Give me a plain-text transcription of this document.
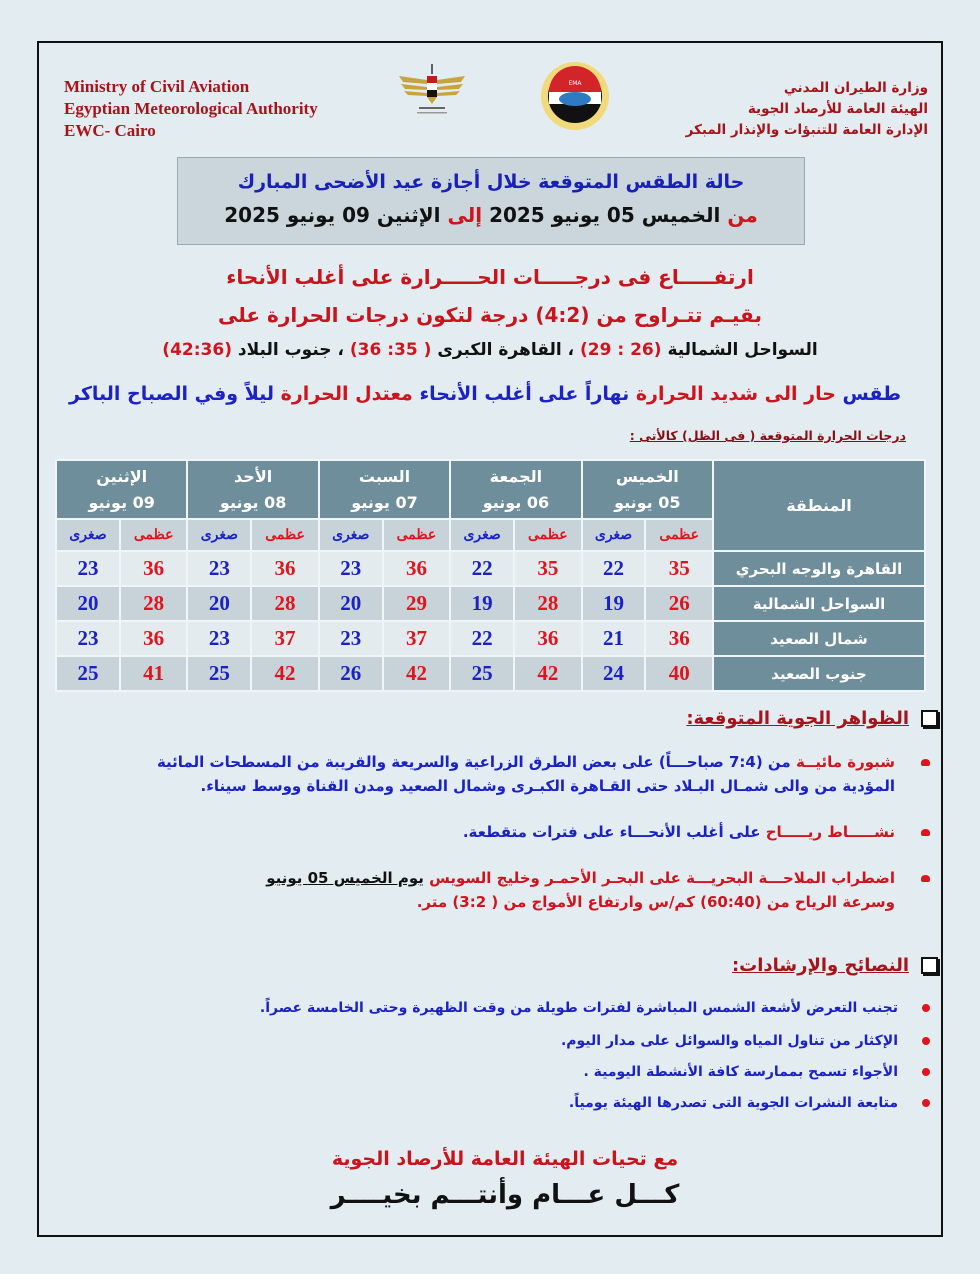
Ministry of Civil Aviation
Egyptian Meteorological Authority
EWC- Cairo
EMA	وزارة الطيران المدني
الهيئة العامة للأرصاد الجوية
الإدارة العامة للتنبؤات والإنذار المبكر
حالة الطقس المتوقعة خلال أجازة عيد الأضحى المبارك
من الخميس 05 يونيو 2025 إلى الإثنين 09 يونيو 2025
ارتفـــــاع فى درجـــــات الحـــــرارة على أغلب الأنحاء
بقيـم تتـراوح من (4:2) درجة لتكون درجات الحرارة على
السواحل الشمالية (26 : 29) ، القاهرة الكبرى ( 35: 36) ، جنوب البلاد (42:36)
طقس حار الى شديد الحرارة نهاراً على أغلب الأنحاء معتدل الحرارة ليلاً وفي الصباح الباكر
درجات الحرارة المتوقعة ( فى الظل) كالأتى :
المنطقة	
الخميس
05 يونيو

الجمعة
06 يونيو

السبت
07 يونيو

الأحد
08 يونيو

الإثنين
09 يونيو

	عظمى	صغرى	عظمى	صغرى	عظمى	صغرى	عظمى	صغرى	عظمى	صغرى
القاهرة والوجه البحري	35	22	35	22	36	23	36	23	36	23
السواحل الشمالية	26	19	28	19	29	20	28	20	28	20
شمال الصعيد	36	21	36	22	37	23	37	23	36	23
جنوب الصعيد	40	24	42	25	42	26	42	25	41	25
الظواهر الجوية المتوقعة:
شبورة مائيــة من (7:4 صباحـــاً) على بعض الطرق الزراعية والسريعة والقريبة من المسطحات المائية
المؤدية من والى شمـال البـلاد حتى القـاهرة الكبـرى وشمال الصعيد ومدن القناة ووسط سيناء.
نشـــــاط ريـــــاح على أغلب الأنحـــاء على فترات متقطعة.
اضطراب الملاحـــة البحريـــة على البحـر الأحمـر وخليج السويس يوم الخميس 05 يونيو
وسرعة الرياح من (60:40) كم/س وارتفاع الأمواج من ( 3:2) متر.
النصائح والإرشادات:
تجنب التعرض لأشعة الشمس المباشرة لفترات طويلة من وقت الظهيرة وحتى الخامسة عصراً.
الإكثار من تناول المياه والسوائل على مدار اليوم.
الأجواء تسمح بممارسة كافة الأنشطة اليومية .
متابعة النشرات الجوية التى تصدرها الهيئة يومياً.
مع تحيات الهيئة العامة للأرصاد الجوية
كـــل عـــام وأنتـــم بخيــــر
